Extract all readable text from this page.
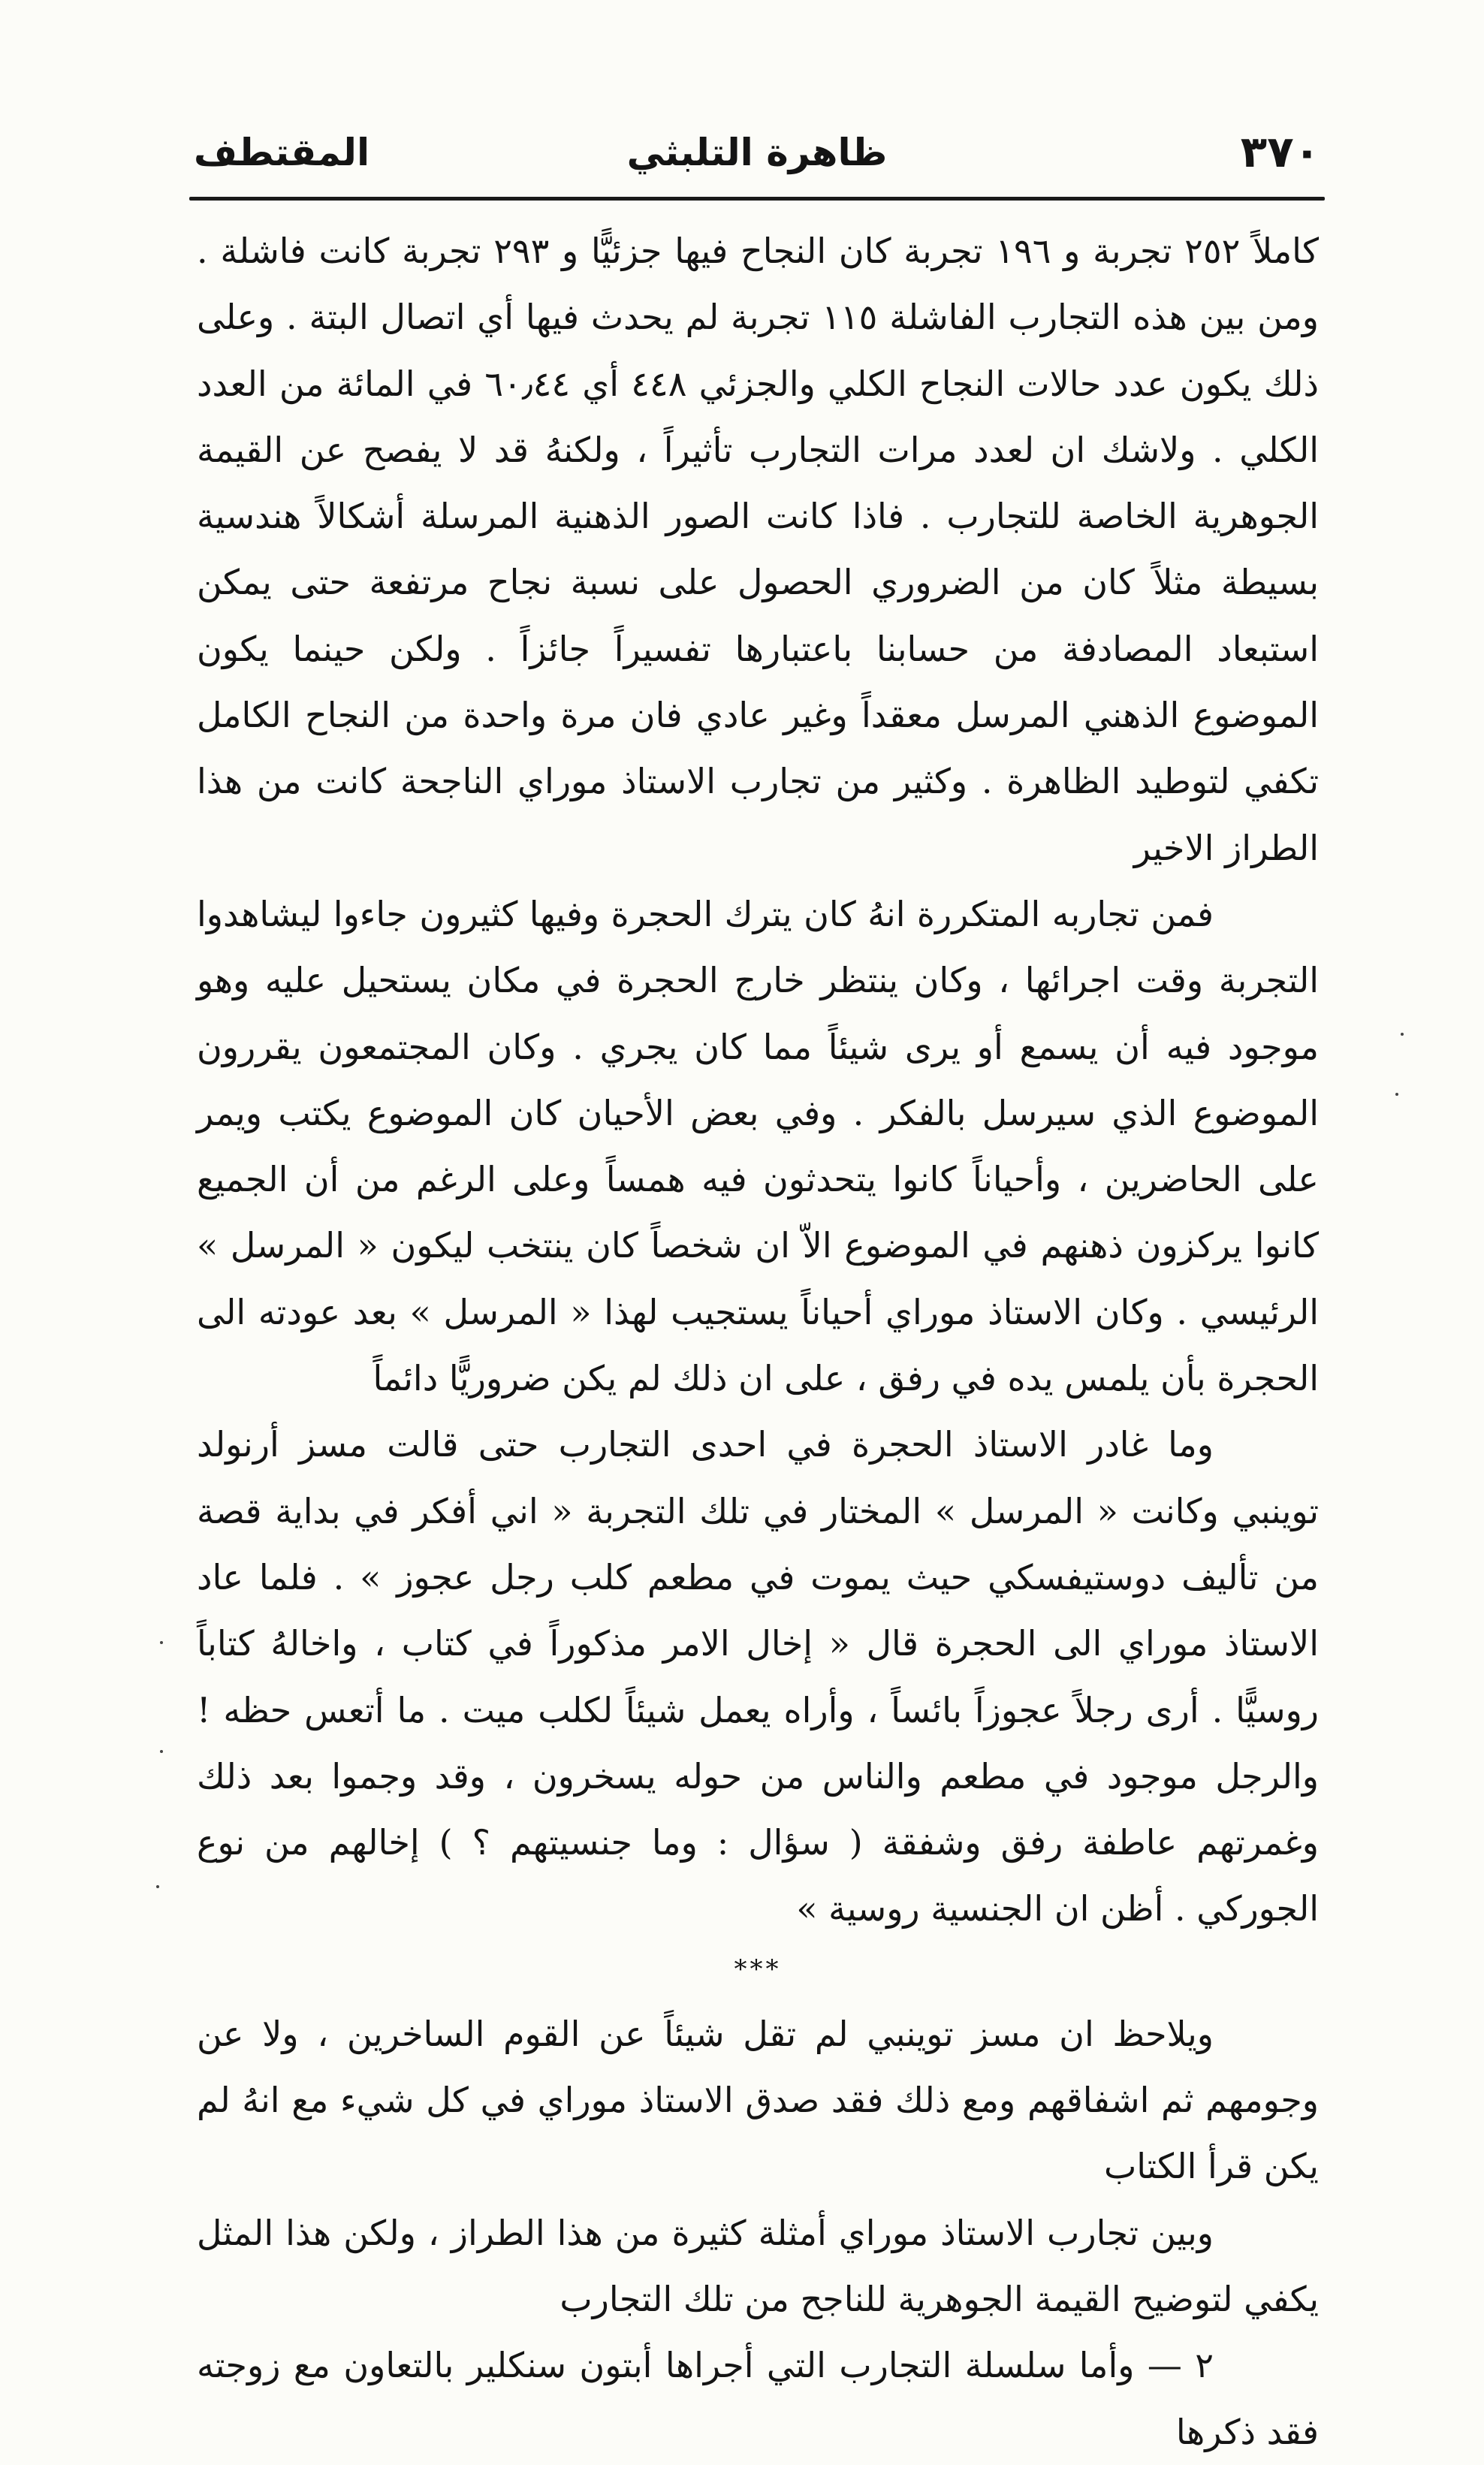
٣٧٠
ظاهرة التلبثي
المقتطف

كاملاً ٢٥٢ تجربة و ١٩٦ تجربة كان النجاح فيها جزئيًّا و ٢٩٣ تجربة كانت فاشلة . ومن بين هذه التجارب الفاشلة ١١٥ تجربة لم يحدث فيها أي اتصال البتة . وعلى ذلك يكون عدد حالات النجاح الكلي والجزئي ٤٤٨ أي ٦٠٫٤٤ في المائة من العدد الكلي . ولاشك ان لعدد مرات التجارب تأثيراً ، ولكنهُ قد لا يفصح عن القيمة الجوهرية الخاصة للتجارب . فاذا كانت الصور الذهنية المرسلة أشكالاً هندسية بسيطة مثلاً كان من الضروري الحصول على نسبة نجاح مرتفعة حتى يمكن استبعاد المصادفة من حسابنا باعتبارها تفسيراً جائزاً . ولكن حينما يكون الموضوع الذهني المرسل معقداً وغير عادي فان مرة واحدة من النجاح الكامل تكفي لتوطيد الظاهرة . وكثير من تجارب الاستاذ موراي الناجحة كانت من هذا الطراز الاخير

فمن تجاربه المتكررة انهُ كان يترك الحجرة وفيها كثيرون جاءوا ليشاهدوا التجربة وقت اجرائها ، وكان ينتظر خارج الحجرة في مكان يستحيل عليه وهو موجود فيه أن يسمع أو يرى شيئاً مما كان يجري . وكان المجتمعون يقررون الموضوع الذي سيرسل بالفكر . وفي بعض الأحيان كان الموضوع يكتب ويمر على الحاضرين ، وأحياناً كانوا يتحدثون فيه همساً وعلى الرغم من أن الجميع كانوا يركزون ذهنهم في الموضوع الاّ ان شخصاً كان ينتخب ليكون « المرسل » الرئيسي . وكان الاستاذ موراي أحياناً يستجيب لهذا « المرسل » بعد عودته الى الحجرة بأن يلمس يده في رفق ، على ان ذلك لم يكن ضروريًّا دائماً

وما غادر الاستاذ الحجرة في احدى التجارب حتى قالت مسز أرنولد توينبي وكانت « المرسل » المختار في تلك التجربة « اني أفكر في بداية قصة من تأليف دوستيفسكي حيث يموت في مطعم كلب رجل عجوز » . فلما عاد الاستاذ موراي الى الحجرة قال « إخال الامر مذكوراً في كتاب ، واخالهُ كتاباً روسيًّا . أرى رجلاً عجوزاً بائساً ، وأراه يعمل شيئاً لكلب ميت . ما أتعس حظه ! والرجل موجود في مطعم والناس من حوله يسخرون ، وقد وجموا بعد ذلك وغمرتهم عاطفة رفق وشفقة ( سؤال : وما جنسيتهم ؟ ) إخالهم من نوع الجوركي . أظن ان الجنسية روسية »

***

ويلاحظ ان مسز توينبي لم تقل شيئاً عن القوم الساخرين ، ولا عن وجومهم ثم اشفاقهم ومع ذلك فقد صدق الاستاذ موراي في كل شيء مع انهُ لم يكن قرأ الكتاب

وبين تجارب الاستاذ موراي أمثلة كثيرة من هذا الطراز ، ولكن هذا المثل يكفي لتوضيح القيمة الجوهرية للناجح من تلك التجارب

٢ — وأما سلسلة التجارب التي أجراها أبتون سنكلير بالتعاون مع زوجته فقد ذكرها
